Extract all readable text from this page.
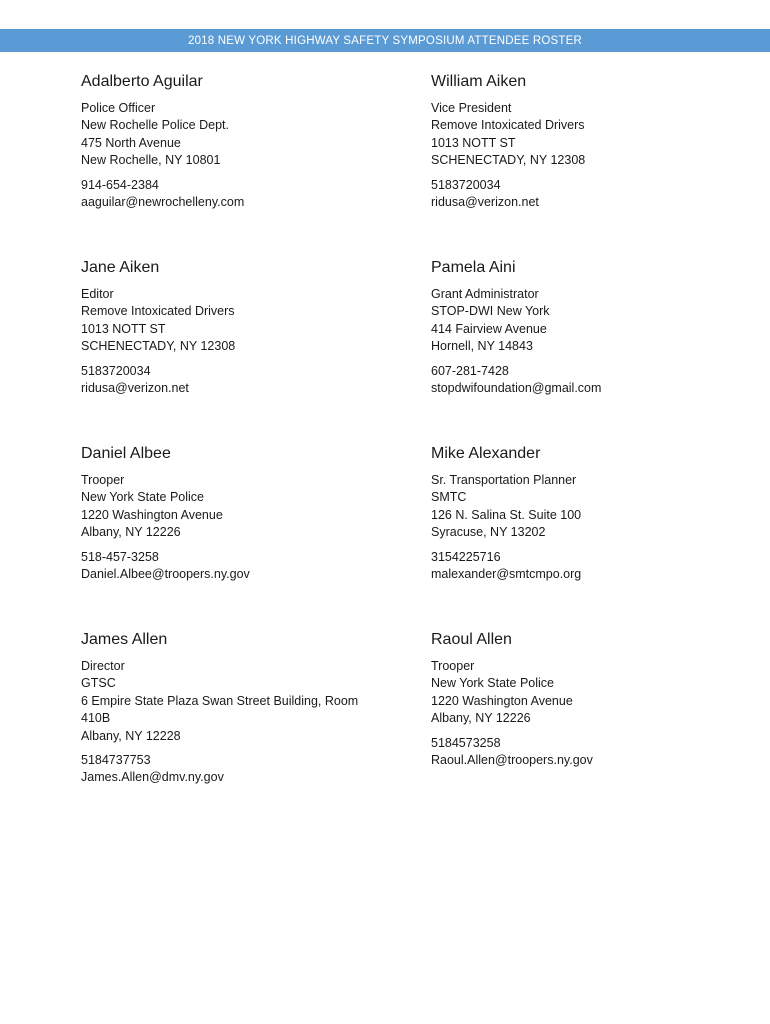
2018 NEW YORK HIGHWAY SAFETY SYMPOSIUM ATTENDEE ROSTER
Adalberto Aguilar
Police Officer
New Rochelle Police Dept.
475 North Avenue
New Rochelle, NY 10801
914-654-2384
aaguilar@newrochelleny.com
William Aiken
Vice President
Remove Intoxicated Drivers
1013 NOTT ST
SCHENECTADY, NY 12308
5183720034
ridusa@verizon.net
Jane Aiken
Editor
Remove Intoxicated Drivers
1013 NOTT ST
SCHENECTADY, NY 12308
5183720034
ridusa@verizon.net
Pamela Aini
Grant Administrator
STOP-DWI New York
414 Fairview Avenue
Hornell, NY 14843
607-281-7428
stopdwifoundation@gmail.com
Daniel Albee
Trooper
New York State Police
1220 Washington Avenue
Albany, NY 12226
518-457-3258
Daniel.Albee@troopers.ny.gov
Mike Alexander
Sr. Transportation Planner
SMTC
126 N. Salina St. Suite 100
Syracuse, NY 13202
3154225716
malexander@smtcmpo.org
James Allen
Director
GTSC
6 Empire State Plaza Swan Street Building, Room
410B
Albany, NY 12228
5184737753
James.Allen@dmv.ny.gov
Raoul Allen
Trooper
New York State Police
1220 Washington Avenue
Albany, NY 12226
5184573258
Raoul.Allen@troopers.ny.gov
